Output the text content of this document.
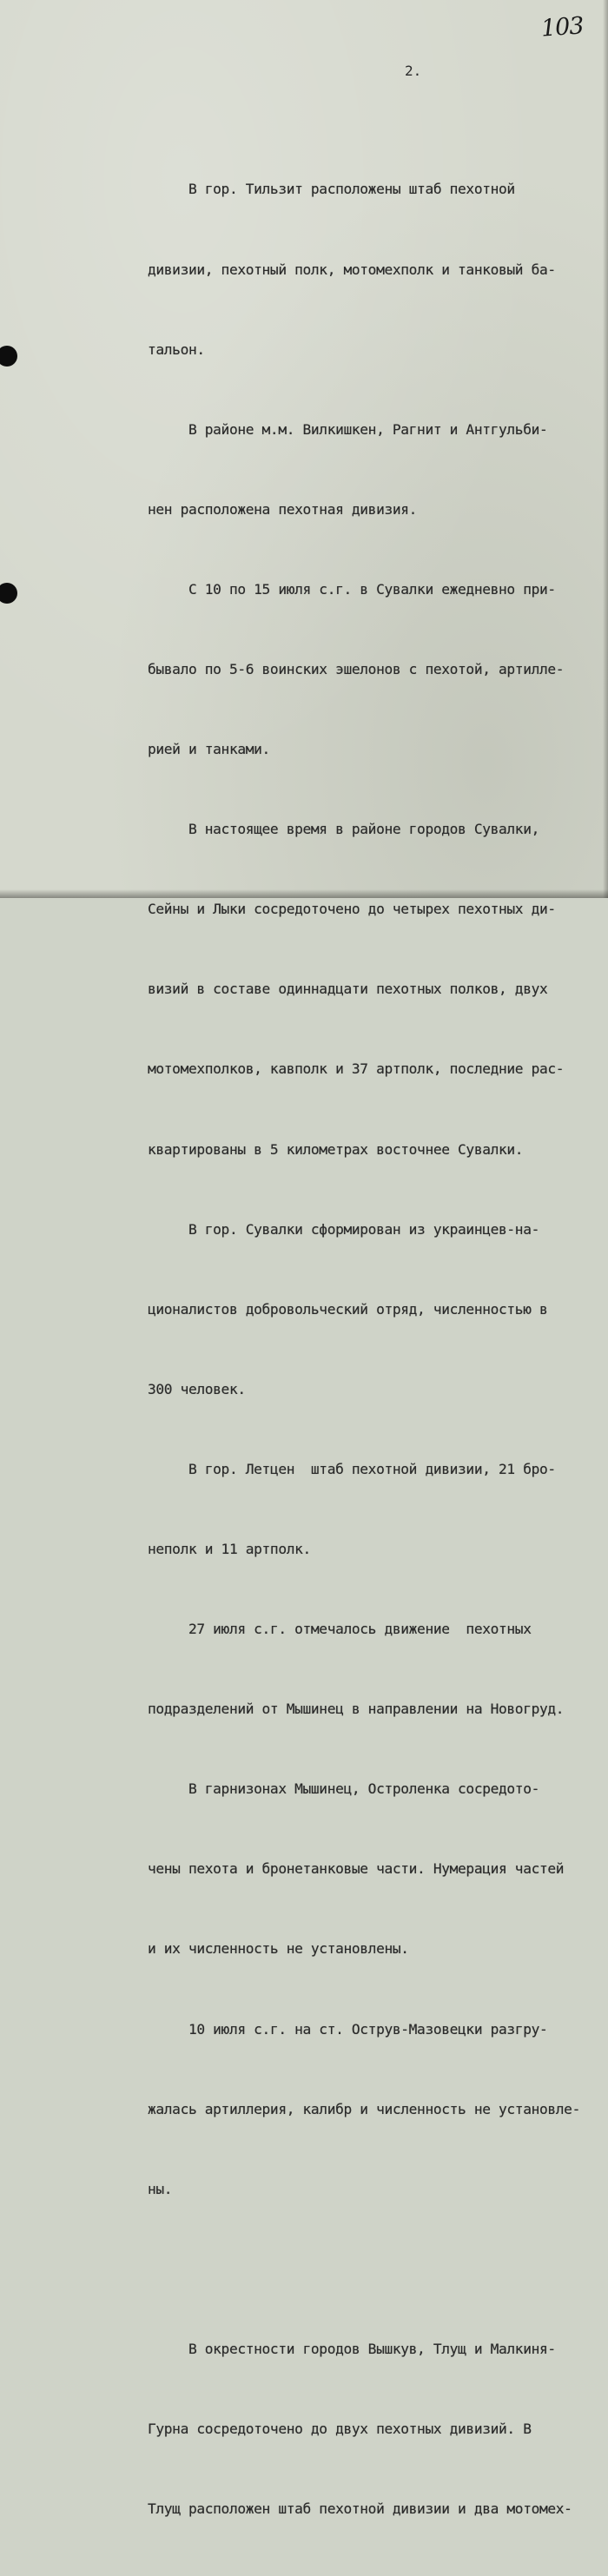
103
2.

В гор. Тильзит расположены штаб пехотной

дивизии, пехотный полк, мотомехполк и танковый ба-

тальон.

В районе м.м. Вилкишкен, Рагнит и Антгульби-

нен расположена пехотная дивизия.

С 10 по 15 июля с.г. в Сувалки ежедневно при-

бывало по 5-6 воинских эшелонов с пехотой, артилле-

рией и танками.

В настоящее время в районе городов Сувалки,

Сейны и Лыки сосредоточено до четырех пехотных ди-

визий в составе одиннадцати пехотных полков, двух

мотомехполков, кавполк и 37 артполк, последние рас-

квартированы в 5 километрах восточнее Сувалки.

В гор. Сувалки сформирован из украинцев-на-

ционалистов добровольческий отряд, численностью в

300 человек.

В гор. Летцен  штаб пехотной дивизии, 21 бро-

неполк и 11 артполк.

27 июля с.г. отмечалось движение  пехотных

подразделений от Мышинец в направлении на Новогруд.

В гарнизонах Мышинец, Остроленка сосредото-

чены пехота и бронетанковые части. Нумерация частей

и их численность не установлены.

10 июля с.г. на ст. Острув-Мазовецки разгру-

жалась артиллерия, калибр и численность не установле-

ны.

В окрестности городов Вышкув, Тлущ и Малкиня-

Гурна сосредоточено до двух пехотных дивизий. В

Тлущ расположен штаб пехотной дивизии и два мотомех-
